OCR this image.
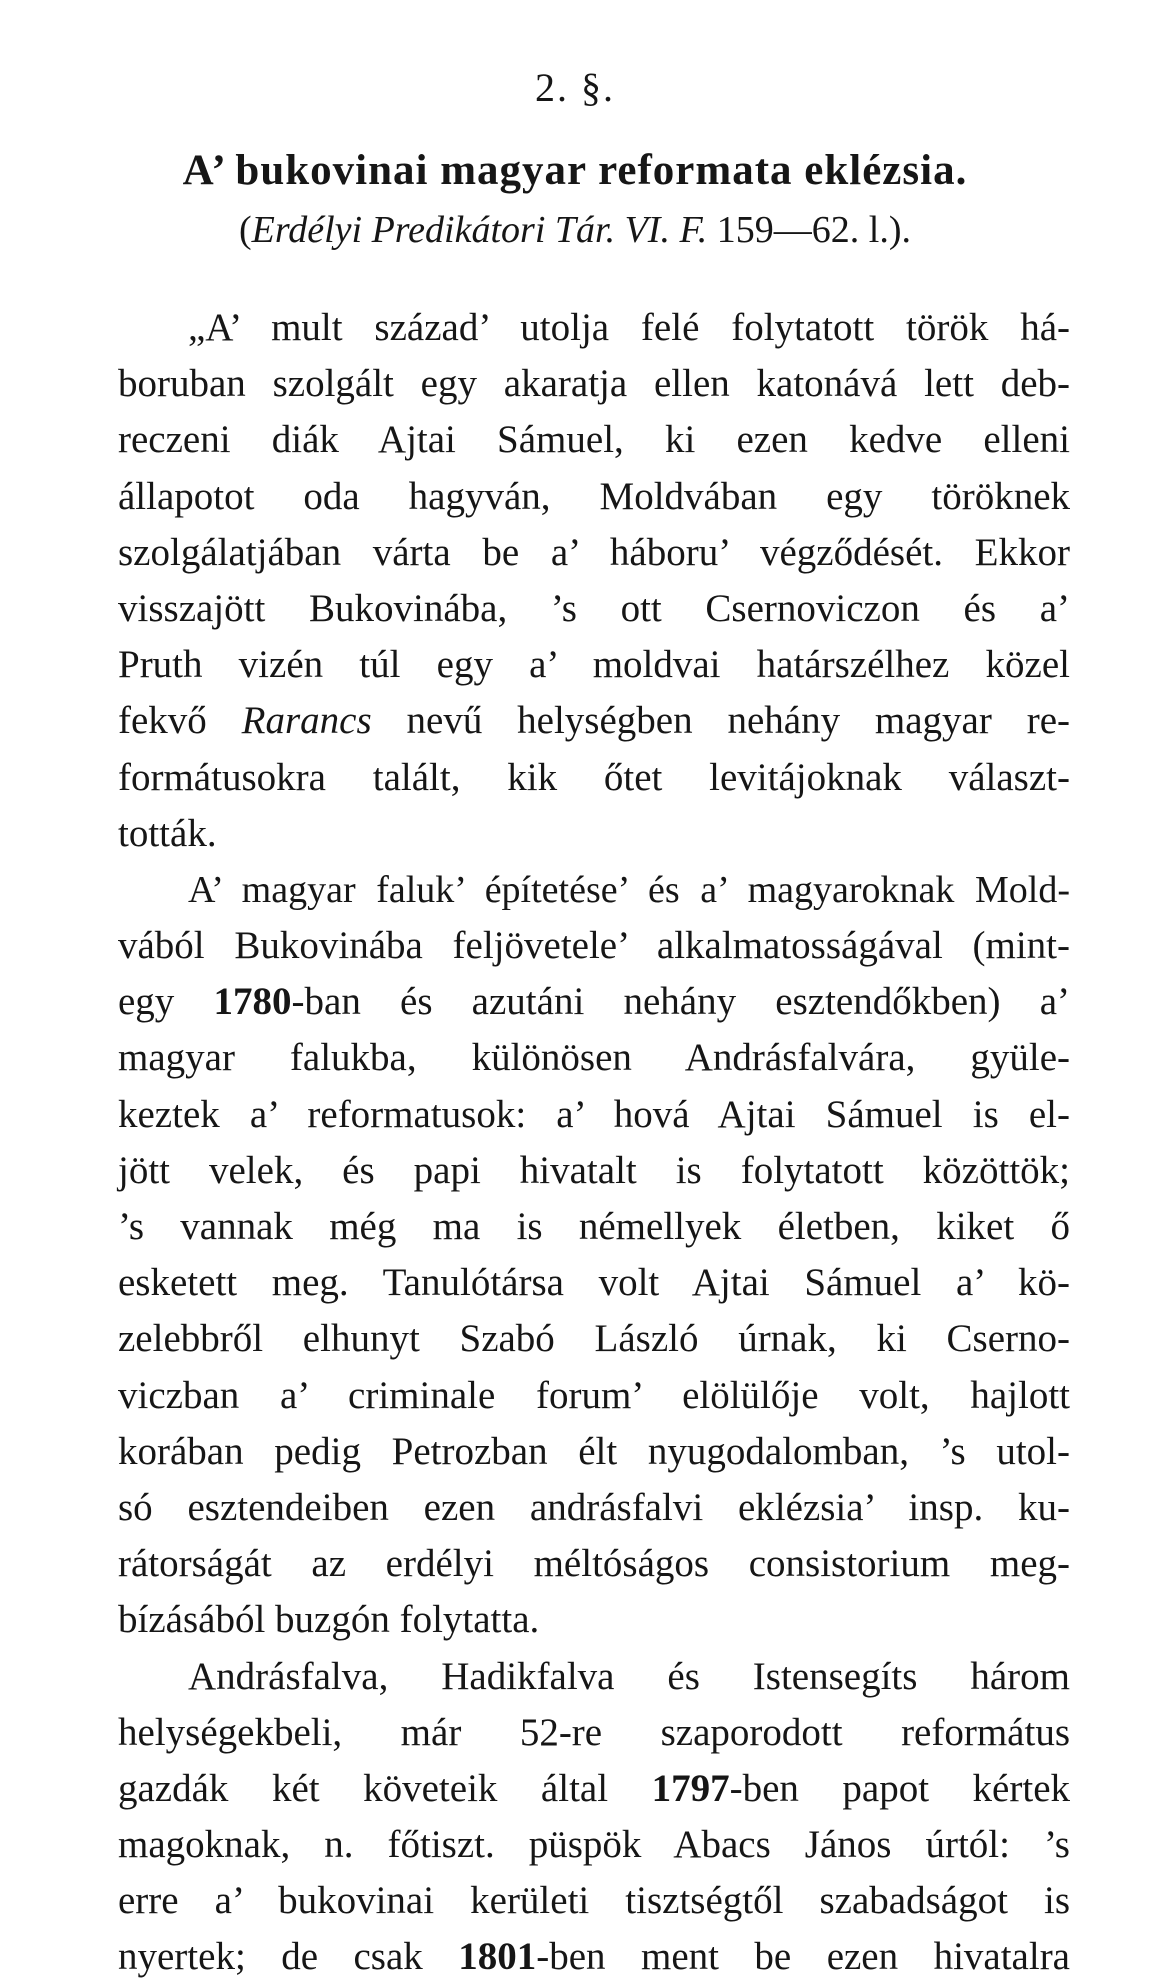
2. §.
A’ bukovinai magyar reformata eklézsia.
(Erdélyi Predikátori Tár. VI. F. 159—62. l.).
„A’ mult század’ utolja felé folytatott török há-
boruban szolgált egy akaratja ellen katonává lett deb-
reczeni diák Ajtai Sámuel, ki ezen kedve elleni
állapotot oda hagyván, Moldvában egy töröknek
szolgálatjában várta be a’ háboru’ végződését. Ekkor
visszajött Bukovinába, ’s ott Csernoviczon és a’
Pruth vizén túl egy a’ moldvai határszélhez közel
fekvő Rarancs nevű helységben nehány magyar re-
formátusokra talált, kik őtet levitájoknak választ-
tották.
A’ magyar faluk’ építetése’ és a’ magyaroknak Mold-
vából Bukovinába feljövetele’ alkalmatosságával (mint-
egy 1780-ban és azutáni nehány esztendőkben) a’
magyar falukba, különösen Andrásfalvára, gyüle-
keztek a’ reformatusok: a’ hová Ajtai Sámuel is el-
jött velek, és papi hivatalt is folytatott közöttök;
’s vannak még ma is némellyek életben, kiket ő
esketett meg. Tanulótársa volt Ajtai Sámuel a’ kö-
zelebbről elhunyt Szabó László úrnak, ki Cserno-
viczban a’ criminale forum’ elölülője volt, hajlott
korában pedig Petrozban élt nyugodalomban, ’s utol-
só esztendeiben ezen andrásfalvi eklézsia’ insp. ku-
rátorságát az erdélyi méltóságos consistorium meg-
bízásából buzgón folytatta.
Andrásfalva, Hadikfalva és Istensegíts három
helységekbeli, már 52-re szaporodott református
gazdák két követeik által 1797-ben papot kértek
magoknak, n. főtiszt. püspök Abacs János úrtól: ’s
erre a’ bukovinai kerületi tisztségtől szabadságot is
nyertek; de csak 1801-ben ment be ezen hivatalra
